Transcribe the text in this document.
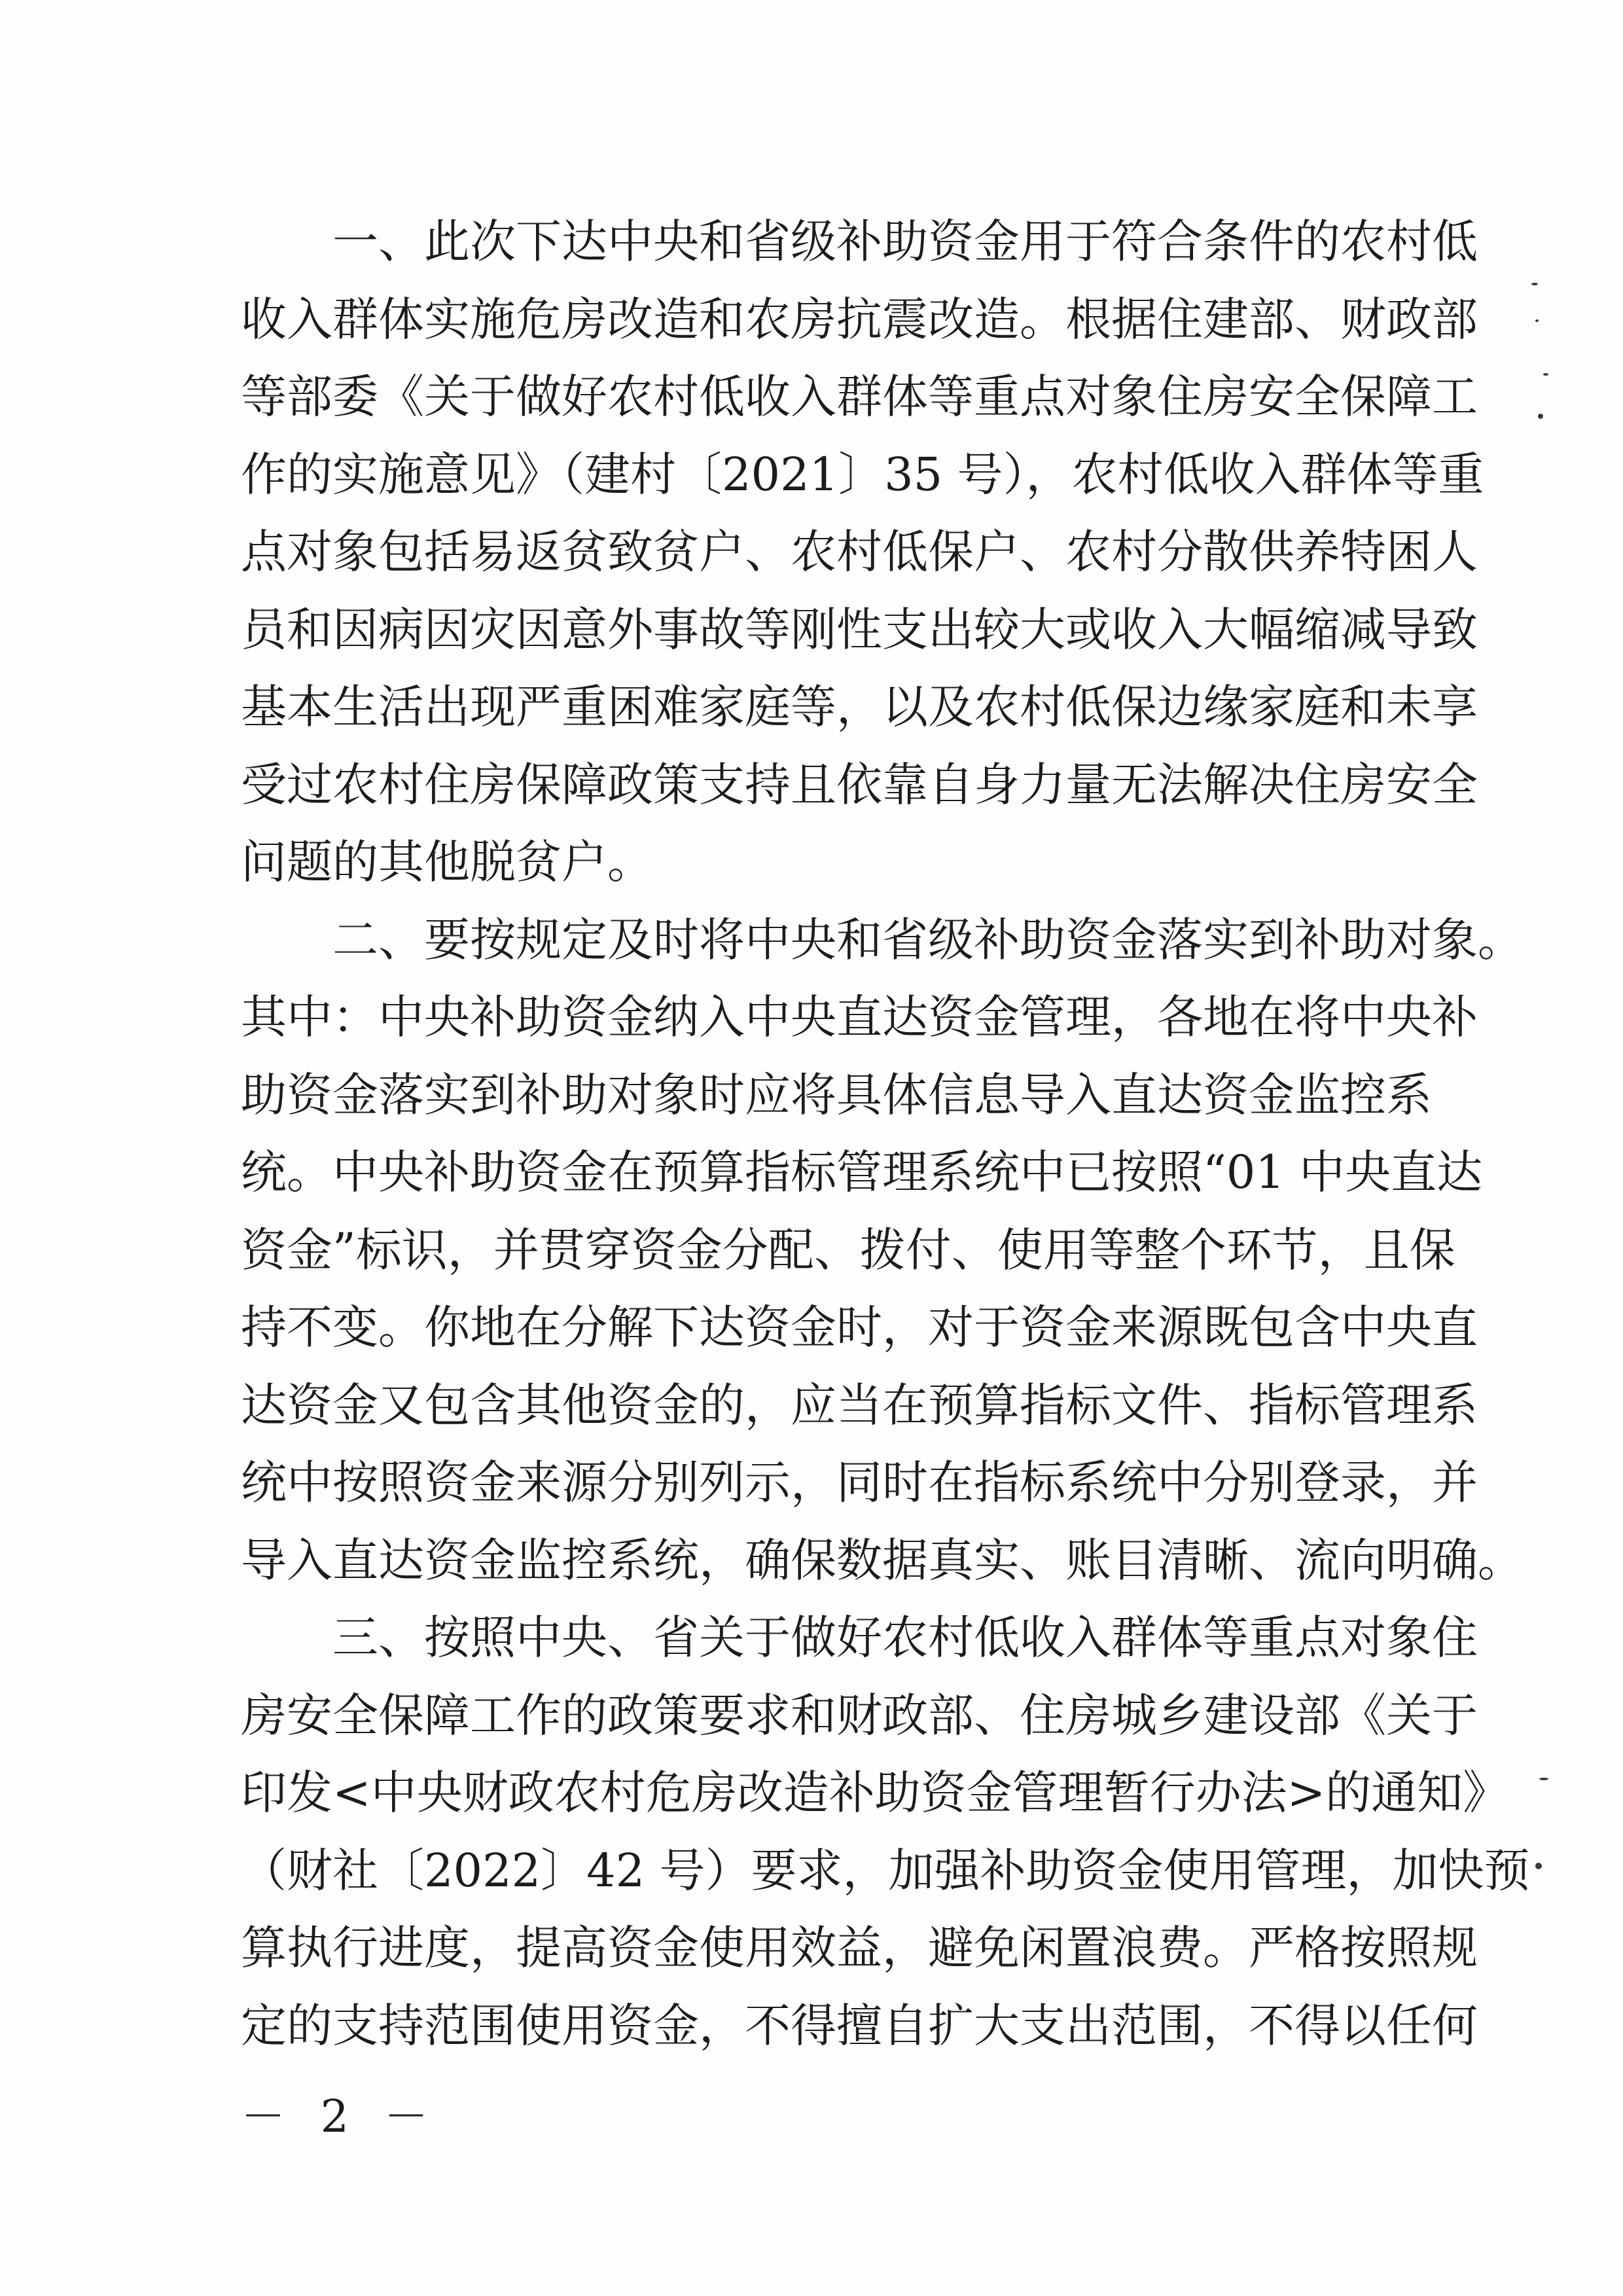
一、此次下达中央和省级补助资金用于符合条件的农村低
收入群体实施危房改造和农房抗震改造。根据住建部、财政部
等部委《关于做好农村低收入群体等重点对象住房安全保障工
作的实施意见》（建村〔2021〕35 号），农村低收入群体等重
点对象包括易返贫致贫户、农村低保户、农村分散供养特困人
员和因病因灾因意外事故等刚性支出较大或收入大幅缩减导致
基本生活出现严重困难家庭等，以及农村低保边缘家庭和未享
受过农村住房保障政策支持且依靠自身力量无法解决住房安全
问题的其他脱贫户。
二、要按规定及时将中央和省级补助资金落实到补助对象。
其中：中央补助资金纳入中央直达资金管理，各地在将中央补
助资金落实到补助对象时应将具体信息导入直达资金监控系
统。中央补助资金在预算指标管理系统中已按照“01 中央直达
资金”标识，并贯穿资金分配、拨付、使用等整个环节，且保
持不变。你地在分解下达资金时，对于资金来源既包含中央直
达资金又包含其他资金的，应当在预算指标文件、指标管理系
统中按照资金来源分别列示，同时在指标系统中分别登录，并
导入直达资金监控系统，确保数据真实、账目清晰、流向明确。
三、按照中央、省关于做好农村低收入群体等重点对象住
房安全保障工作的政策要求和财政部、住房城乡建设部《关于
印发<中央财政农村危房改造补助资金管理暂行办法>的通知》
（财社〔2022〕42 号）要求，加强补助资金使用管理，加快预
算执行进度，提高资金使用效益，避免闲置浪费。严格按照规
定的支持范围使用资金，不得擅自扩大支出范围，不得以任何
－ 2 －
